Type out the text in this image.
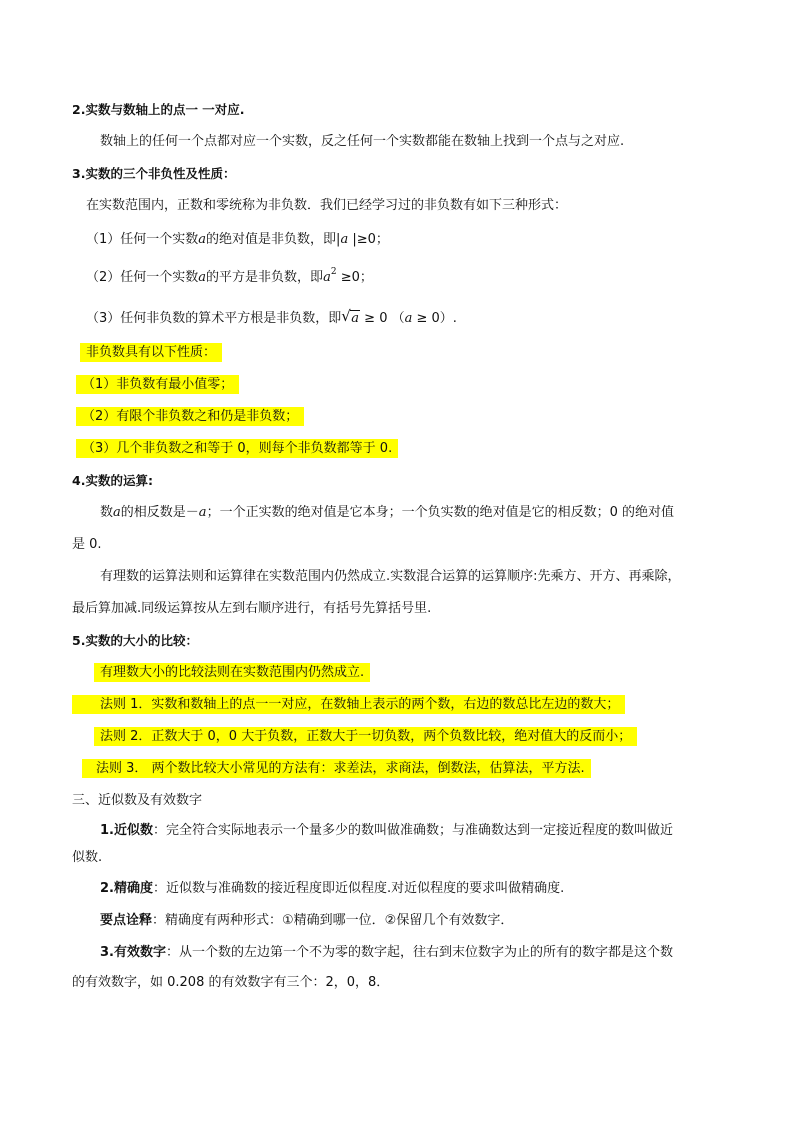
2.实数与数轴上的点一 一对应.
数轴上的任何一个点都对应一个实数，反之任何一个实数都能在数轴上找到一个点与之对应.
3.实数的三个非负性及性质：
在实数范围内，正数和零统称为非负数．我们已经学习过的非负数有如下三种形式：
（1）任何一个实数a的绝对值是非负数，即|a |≥0；
（2）任何一个实数a的平方是非负数，即$a^2 \ge 0$；
（3）任何非负数的算术平方根是非负数，即 √ a ≥ 0 （a ≥ 0）.
非负数具有以下性质：
（1）非负数有最小值零；
（2）有限个非负数之和仍是非负数；
（3）几个非负数之和等于 0，则每个非负数都等于 0.
4.实数的运算:
数a的相反数是－a；一个正实数的绝对值是它本身；一个负实数的绝对值是它的相反数；0 的绝对值
是 0.
有理数的运算法则和运算律在实数范围内仍然成立.实数混合运算的运算顺序:先乘方、开方、再乘除，
最后算加减.同级运算按从左到右顺序进行，有括号先算括号里.
5.实数的大小的比较：
有理数大小的比较法则在实数范围内仍然成立.
法则 1．实数和数轴上的点一一对应，在数轴上表示的两个数，右边的数总比左边的数大；
法则 2．正数大于 0，0 大于负数，正数大于一切负数，两个负数比较，绝对值大的反而小；
法则 3． 两个数比较大小常见的方法有：求差法，求商法，倒数法，估算法，平方法.
三、近似数及有效数字
1.近似数：完全符合实际地表示一个量多少的数叫做准确数；与准确数达到一定接近程度的数叫做近
似数.
2.精确度：近似数与准确数的接近程度即近似程度.对近似程度的要求叫做精确度.
要点诠释：精确度有两种形式：①精确到哪一位．②保留几个有效数字．
3.有效数字：从一个数的左边第一个不为零的数字起，往右到末位数字为止的所有的数字都是这个数
的有效数字，如 0.208 的有效数字有三个：2，0，8．
